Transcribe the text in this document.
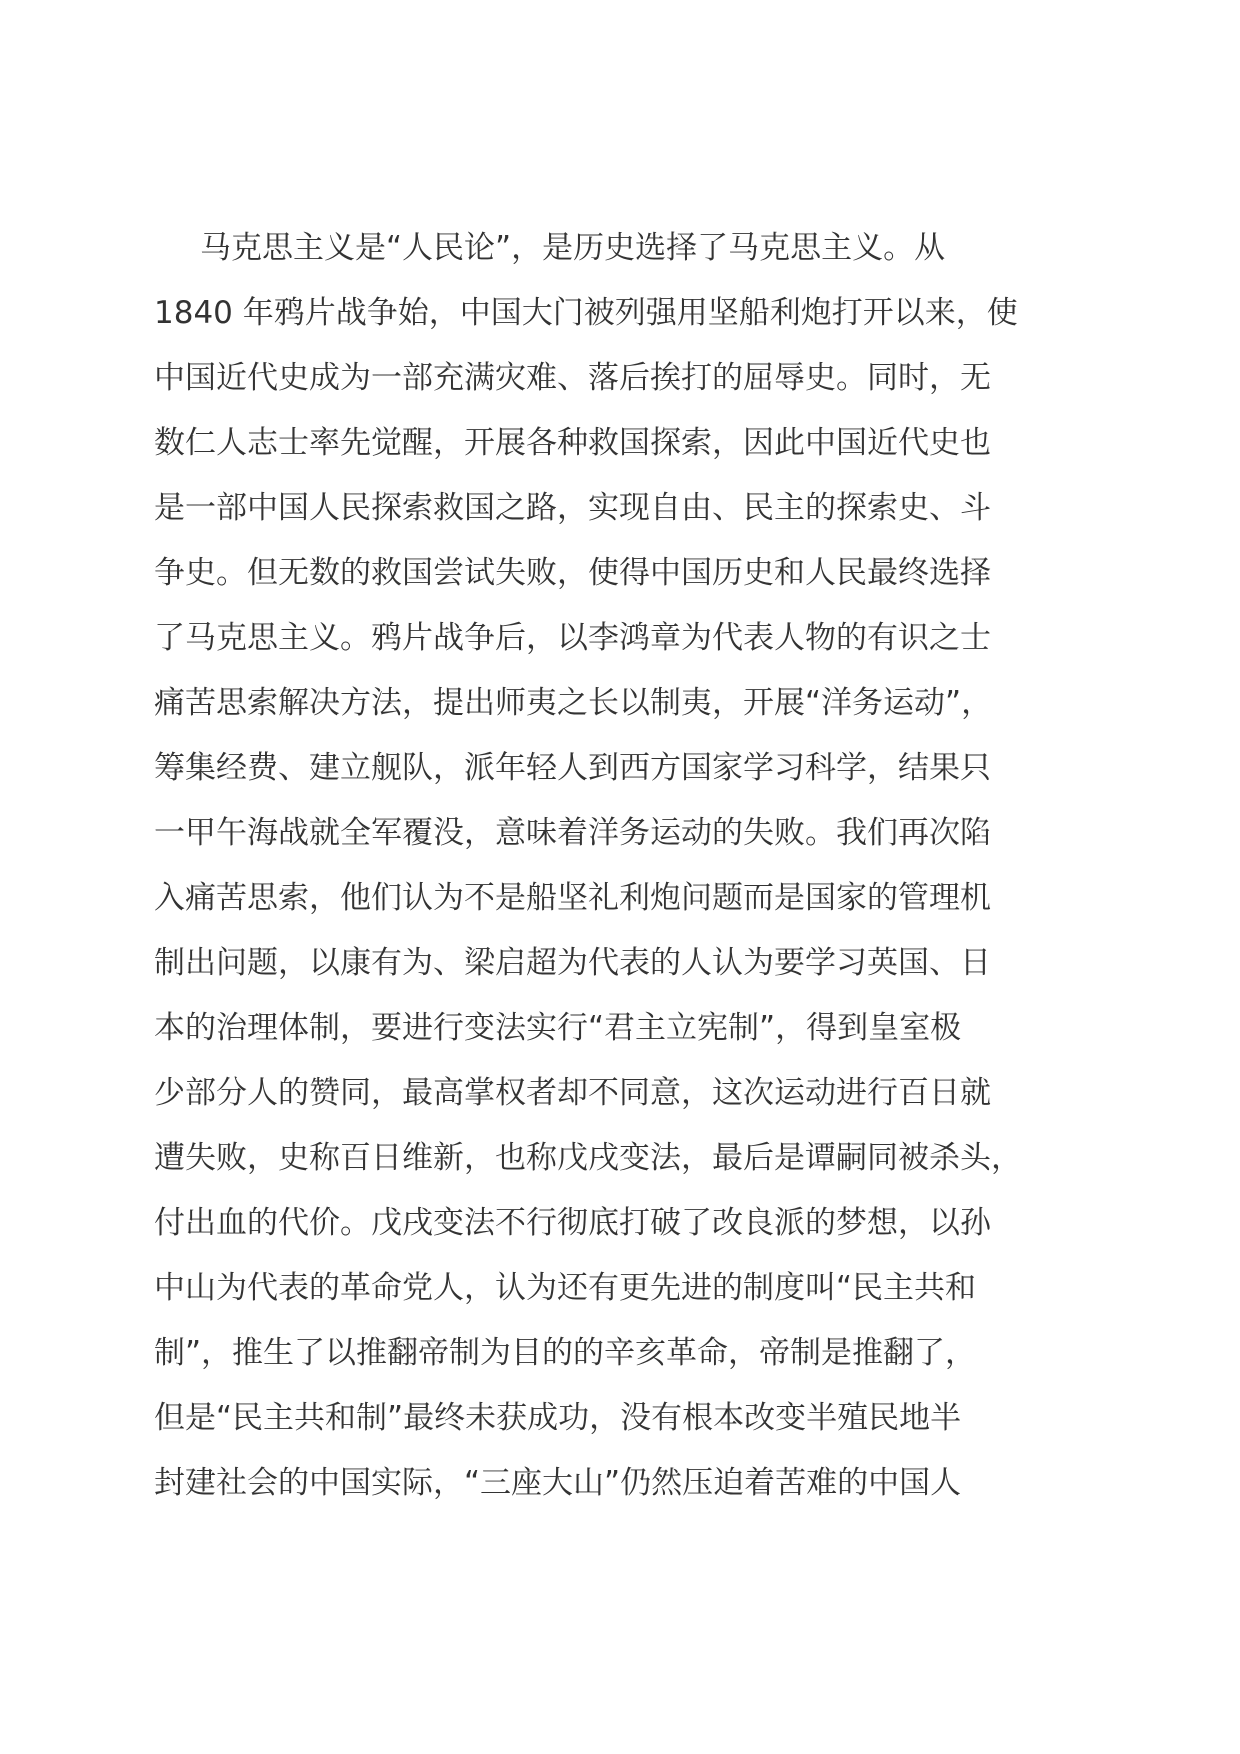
马克思主义是“人民论”，是历史选择了马克思主义。从
1840 年鸦片战争始，中国大门被列强用坚船利炮打开以来，使
中国近代史成为一部充满灾难、落后挨打的屈辱史。同时，无
数仁人志士率先觉醒，开展各种救国探索，因此中国近代史也
是一部中国人民探索救国之路，实现自由、民主的探索史、斗
争史。但无数的救国尝试失败，使得中国历史和人民最终选择
了马克思主义。鸦片战争后，以李鸿章为代表人物的有识之士
痛苦思索解决方法，提出师夷之长以制夷，开展“洋务运动”，
筹集经费、建立舰队，派年轻人到西方国家学习科学，结果只
一甲午海战就全军覆没，意味着洋务运动的失败。我们再次陷
入痛苦思索，他们认为不是船坚礼利炮问题而是国家的管理机
制出问题，以康有为、梁启超为代表的人认为要学习英国、日
本的治理体制，要进行变法实行“君主立宪制”，得到皇室极
少部分人的赞同，最高掌权者却不同意，这次运动进行百日就
遭失败，史称百日维新，也称戊戌变法，最后是谭嗣同被杀头，
付出血的代价。戊戌变法不行彻底打破了改良派的梦想，以孙
中山为代表的革命党人，认为还有更先进的制度叫“民主共和
制”，推生了以推翻帝制为目的的辛亥革命，帝制是推翻了，
但是“民主共和制”最终未获成功，没有根本改变半殖民地半
封建社会的中国实际，“三座大山”仍然压迫着苦难的中国人
